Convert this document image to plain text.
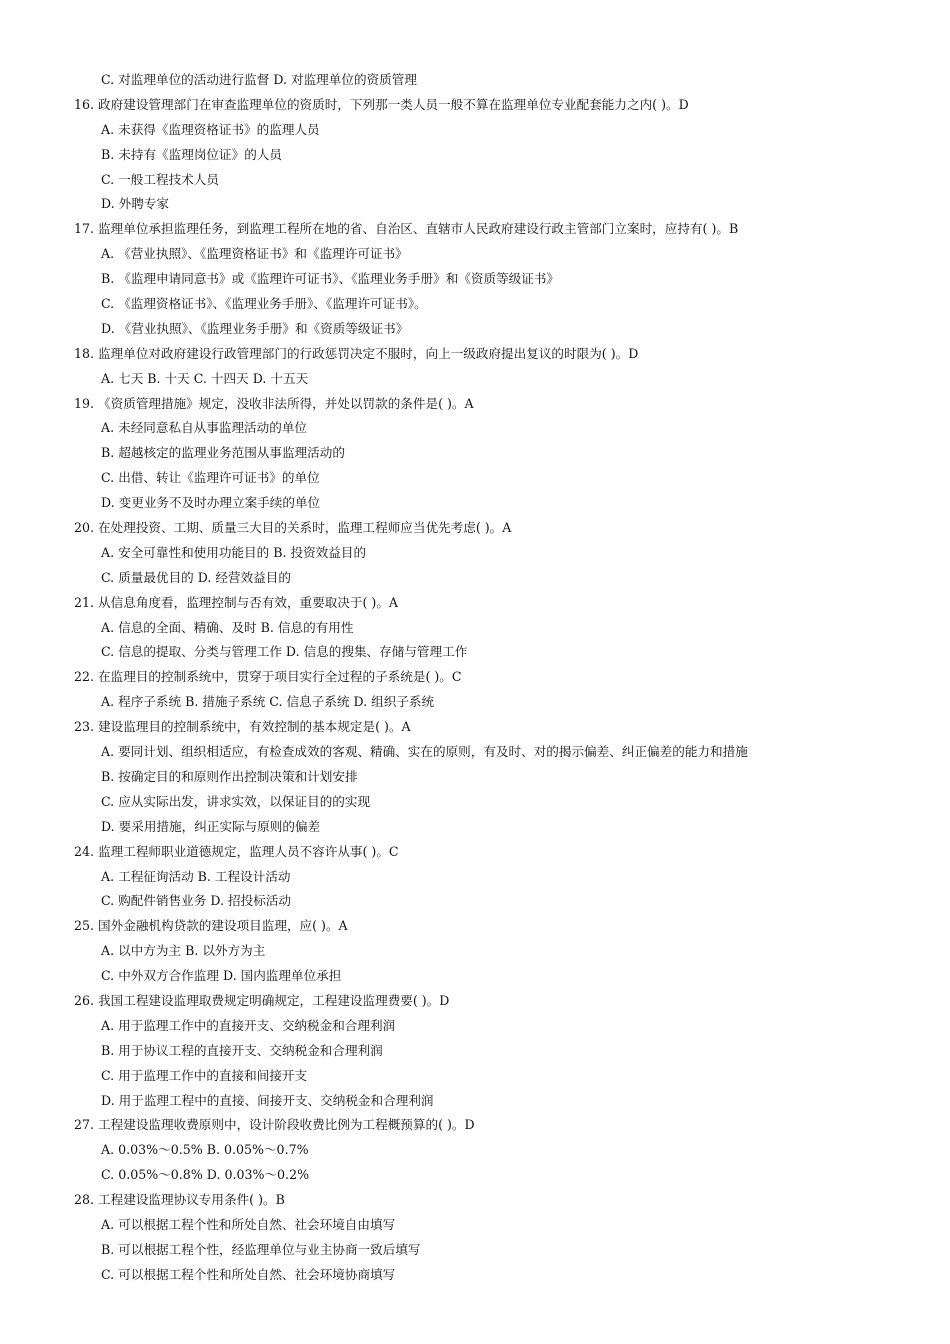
C. 对监理单位的活动进行监督 D. 对监理单位的资质管理
16. 政府建设管理部门在审查监理单位的资质时，下列那一类人员一般不算在监理单位专业配套能力之内( )。D
A. 未获得《监理资格证书》的监理人员
B. 未持有《监理岗位证》的人员
C. 一般工程技术人员
D. 外聘专家
17. 监理单位承担监理任务，到监理工程所在地的省、自治区、直辖市人民政府建设行政主管部门立案时，应持有( )。B
A. 《营业执照》、《监理资格证书》和《监理许可证书》
B. 《监理申请同意书》或《监理许可证书》、《监理业务手册》和《资质等级证书》
C. 《监理资格证书》、《监理业务手册》、《监理许可证书》。
D. 《营业执照》、《监理业务手册》和《资质等级证书》
18. 监理单位对政府建设行政管理部门的行政惩罚决定不服时，向上一级政府提出复议的时限为( )。D
A. 七天 B. 十天 C. 十四天 D. 十五天
19. 《资质管理措施》规定，没收非法所得，并处以罚款的条件是( )。A
A. 未经同意私自从事监理活动的单位
B. 超越核定的监理业务范围从事监理活动的
C. 出借、转让《监理许可证书》的单位
D. 变更业务不及时办理立案手续的单位
20. 在处理投资、工期、质量三大目的关系时，监理工程师应当优先考虑( )。A
A. 安全可靠性和使用功能目的 B. 投资效益目的
C. 质量最优目的 D. 经营效益目的
21. 从信息角度看，监理控制与否有效，重要取决于( )。A
A. 信息的全面、精确、及时 B. 信息的有用性
C. 信息的提取、分类与管理工作 D. 信息的搜集、存储与管理工作
22. 在监理目的控制系统中，贯穿于项目实行全过程的子系统是( )。C
A. 程序子系统 B. 措施子系统 C. 信息子系统 D. 组织子系统
23. 建设监理目的控制系统中，有效控制的基本规定是( )。A
A. 要同计划、组织相适应，有检查成效的客观、精确、实在的原则，有及时、对的揭示偏差、纠正偏差的能力和措施
B. 按确定目的和原则作出控制决策和计划安排
C. 应从实际出发，讲求实效，以保证目的的实现
D. 要采用措施，纠正实际与原则的偏差
24. 监理工程师职业道德规定，监理人员不容许从事( )。C
A. 工程征询活动 B. 工程设计活动
C. 购配件销售业务 D. 招投标活动
25. 国外金融机构贷款的建设项目监理，应( )。A
A. 以中方为主 B. 以外方为主
C. 中外双方合作监理 D. 国内监理单位承担
26. 我国工程建设监理取费规定明确规定，工程建设监理费要( )。D
A. 用于监理工作中的直接开支、交纳税金和合理利润
B. 用于协议工程的直接开支、交纳税金和合理利润
C. 用于监理工作中的直接和间接开支
D. 用于监理工程中的直接、间接开支、交纳税金和合理利润
27. 工程建设监理收费原则中，设计阶段收费比例为工程概预算的( )。D
A. 0.03%～0.5% B. 0.05%～0.7%
C. 0.05%～0.8% D. 0.03%～0.2%
28. 工程建设监理协议专用条件( )。B
A. 可以根据工程个性和所处自然、社会环境自由填写
B. 可以根据工程个性，经监理单位与业主协商一致后填写
C. 可以根据工程个性和所处自然、社会环境协商填写
